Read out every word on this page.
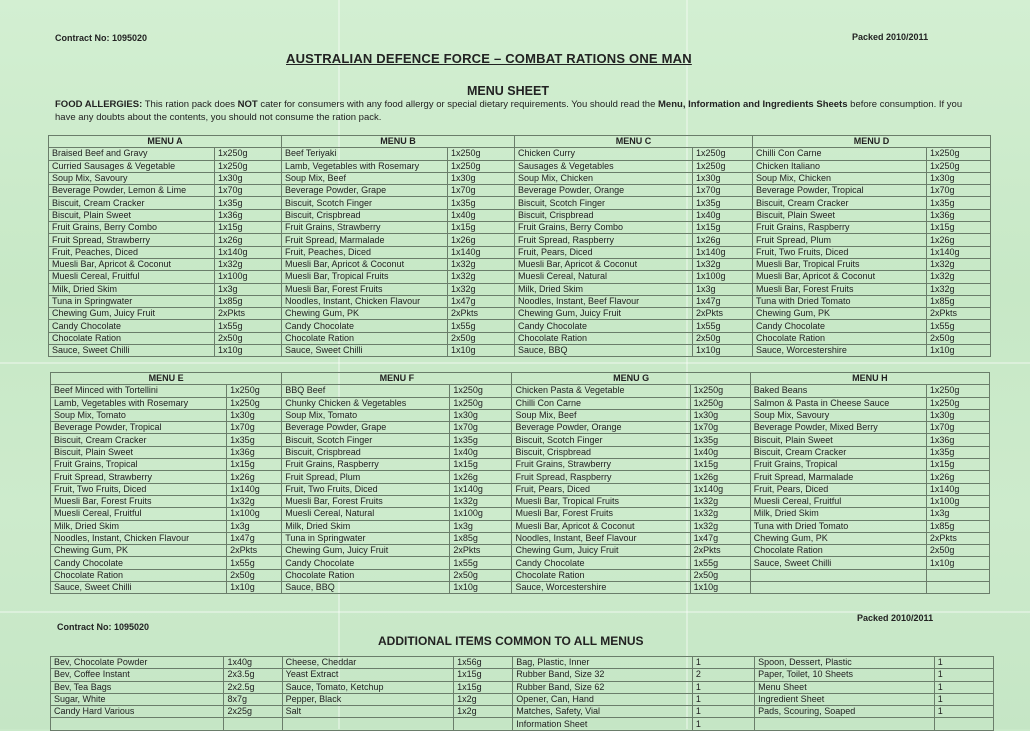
Contract No: 1095020	Packed 2010/2011
AUSTRALIAN DEFENCE FORCE – COMBAT RATIONS ONE MAN
MENU SHEET
FOOD ALLERGIES: This ration pack does NOT cater for consumers with any food allergy or special dietary requirements. You should read the Menu, Information and Ingredients Sheets before consumption. If you have any doubts about the contents, you should not consume the ration pack.
MENU A		MENU B		MENU C		MENU D	
Braised Beef and Gravy	1x250g	Beef Teriyaki	1x250g	Chicken Curry	1x250g	Chilli Con Carne	1x250g
Curried Sausages & Vegetable	1x250g	Lamb, Vegetables with Rosemary	1x250g	Sausages & Vegetables	1x250g	Chicken Italiano	1x250g
Soup Mix, Savoury	1x30g	Soup Mix, Beef	1x30g	Soup Mix, Chicken	1x30g	Soup Mix, Chicken	1x30g
Beverage Powder, Lemon & Lime	1x70g	Beverage Powder, Grape	1x70g	Beverage Powder, Orange	1x70g	Beverage Powder, Tropical	1x70g
Biscuit, Cream Cracker	1x35g	Biscuit, Scotch Finger	1x35g	Biscuit, Scotch Finger	1x35g	Biscuit, Cream Cracker	1x35g
Biscuit, Plain Sweet	1x36g	Biscuit, Crispbread	1x40g	Biscuit, Crispbread	1x40g	Biscuit, Plain Sweet	1x36g
Fruit Grains, Berry Combo	1x15g	Fruit Grains, Strawberry	1x15g	Fruit Grains, Berry Combo	1x15g	Fruit Grains, Raspberry	1x15g
Fruit Spread, Strawberry	1x26g	Fruit Spread, Marmalade	1x26g	Fruit Spread, Raspberry	1x26g	Fruit Spread, Plum	1x26g
Fruit, Peaches, Diced	1x140g	Fruit, Peaches, Diced	1x140g	Fruit, Pears, Diced	1x140g	Fruit, Two Fruits, Diced	1x140g
Muesli Bar, Apricot & Coconut	1x32g	Muesli Bar, Apricot & Coconut	1x32g	Muesli Bar, Apricot & Coconut	1x32g	Muesli Bar, Tropical Fruits	1x32g
Muesli Cereal, Fruitful	1x100g	Muesli Bar, Tropical Fruits	1x32g	Muesli Cereal, Natural	1x100g	Muesli Bar, Apricot & Coconut	1x32g
Milk, Dried Skim	1x3g	Muesli Bar, Forest Fruits	1x32g	Milk, Dried Skim	1x3g	Muesli Bar, Forest Fruits	1x32g
Tuna in Springwater	1x85g	Noodles, Instant, Chicken Flavour	1x47g	Noodles, Instant, Beef Flavour	1x47g	Tuna with Dried Tomato	1x85g
Chewing Gum, Juicy Fruit	2xPkts	Chewing Gum, PK	2xPkts	Chewing Gum, Juicy Fruit	2xPkts	Chewing Gum, PK	2xPkts
Candy Chocolate	1x55g	Candy Chocolate	1x55g	Candy Chocolate	1x55g	Candy Chocolate	1x55g
Chocolate Ration	2x50g	Chocolate Ration	2x50g	Chocolate Ration	2x50g	Chocolate Ration	2x50g
Sauce, Sweet Chilli	1x10g	Sauce, Sweet Chilli	1x10g	Sauce, BBQ	1x10g	Sauce, Worcestershire	1x10g
MENU E		MENU F		MENU G		MENU H	
Beef Minced with Tortellini	1x250g	BBQ Beef	1x250g	Chicken Pasta & Vegetable	1x250g	Baked Beans	1x250g
Lamb, Vegetables with Rosemary	1x250g	Chunky Chicken & Vegetables	1x250g	Chilli Con Carne	1x250g	Salmon & Pasta in Cheese Sauce	1x250g
Soup Mix, Tomato	1x30g	Soup Mix, Tomato	1x30g	Soup Mix, Beef	1x30g	Soup Mix, Savoury	1x30g
Beverage Powder, Tropical	1x70g	Beverage Powder, Grape	1x70g	Beverage Powder, Orange	1x70g	Beverage Powder, Mixed Berry	1x70g
Biscuit, Cream Cracker	1x35g	Biscuit, Scotch Finger	1x35g	Biscuit, Scotch Finger	1x35g	Biscuit, Plain Sweet	1x36g
Biscuit, Plain Sweet	1x36g	Biscuit, Crispbread	1x40g	Biscuit, Crispbread	1x40g	Biscuit, Cream Cracker	1x35g
Fruit Grains, Tropical	1x15g	Fruit Grains, Raspberry	1x15g	Fruit Grains, Strawberry	1x15g	Fruit Grains, Tropical	1x15g
Fruit Spread, Strawberry	1x26g	Fruit Spread, Plum	1x26g	Fruit Spread, Raspberry	1x26g	Fruit Spread, Marmalade	1x26g
Fruit, Two Fruits, Diced	1x140g	Fruit, Two Fruits, Diced	1x140g	Fruit, Pears, Diced	1x140g	Fruit, Pears, Diced	1x140g
Muesli Bar, Forest Fruits	1x32g	Muesli Bar, Forest Fruits	1x32g	Muesli Bar, Tropical Fruits	1x32g	Muesli Cereal, Fruitful	1x100g
Muesli Cereal, Fruitful	1x100g	Muesli Cereal, Natural	1x100g	Muesli Bar, Forest Fruits	1x32g	Milk, Dried Skim	1x3g
Milk, Dried Skim	1x3g	Milk, Dried Skim	1x3g	Muesli Bar, Apricot & Coconut	1x32g	Tuna with Dried Tomato	1x85g
Noodles, Instant, Chicken Flavour	1x47g	Tuna in Springwater	1x85g	Noodles, Instant, Beef Flavour	1x47g	Chewing Gum, PK	2xPkts
Chewing Gum, PK	2xPkts	Chewing Gum, Juicy Fruit	2xPkts	Chewing Gum, Juicy Fruit	2xPkts	Chocolate Ration	2x50g
Candy Chocolate	1x55g	Candy Chocolate	1x55g	Candy Chocolate	1x55g	Sauce, Sweet Chilli	1x10g
Chocolate Ration	2x50g	Chocolate Ration	2x50g	Chocolate Ration	2x50g		
Sauce, Sweet Chilli	1x10g	Sauce, BBQ	1x10g	Sauce, Worcestershire	1x10g		
Contract No: 1095020
Packed 2010/2011
ADDITIONAL ITEMS COMMON TO ALL MENUS
Bev, Chocolate Powder	1x40g	Cheese, Cheddar	1x56g	Bag, Plastic, Inner	1	Spoon, Dessert, Plastic	1
Bev, Coffee Instant	2x3.5g	Yeast Extract	1x15g	Rubber Band, Size 32	2	Paper, Toilet, 10 Sheets	1
Bev, Tea Bags	2x2.5g	Sauce, Tomato, Ketchup	1x15g	Rubber Band, Size 62	1	Menu Sheet	1
Sugar, White	8x7g	Pepper, Black	1x2g	Opener, Can, Hand	1	Ingredient Sheet	1
Candy Hard Various	2x25g	Salt	1x2g	Matches, Safety, Vial	1	Pads, Scouring, Soaped	1
				Information Sheet	1		
